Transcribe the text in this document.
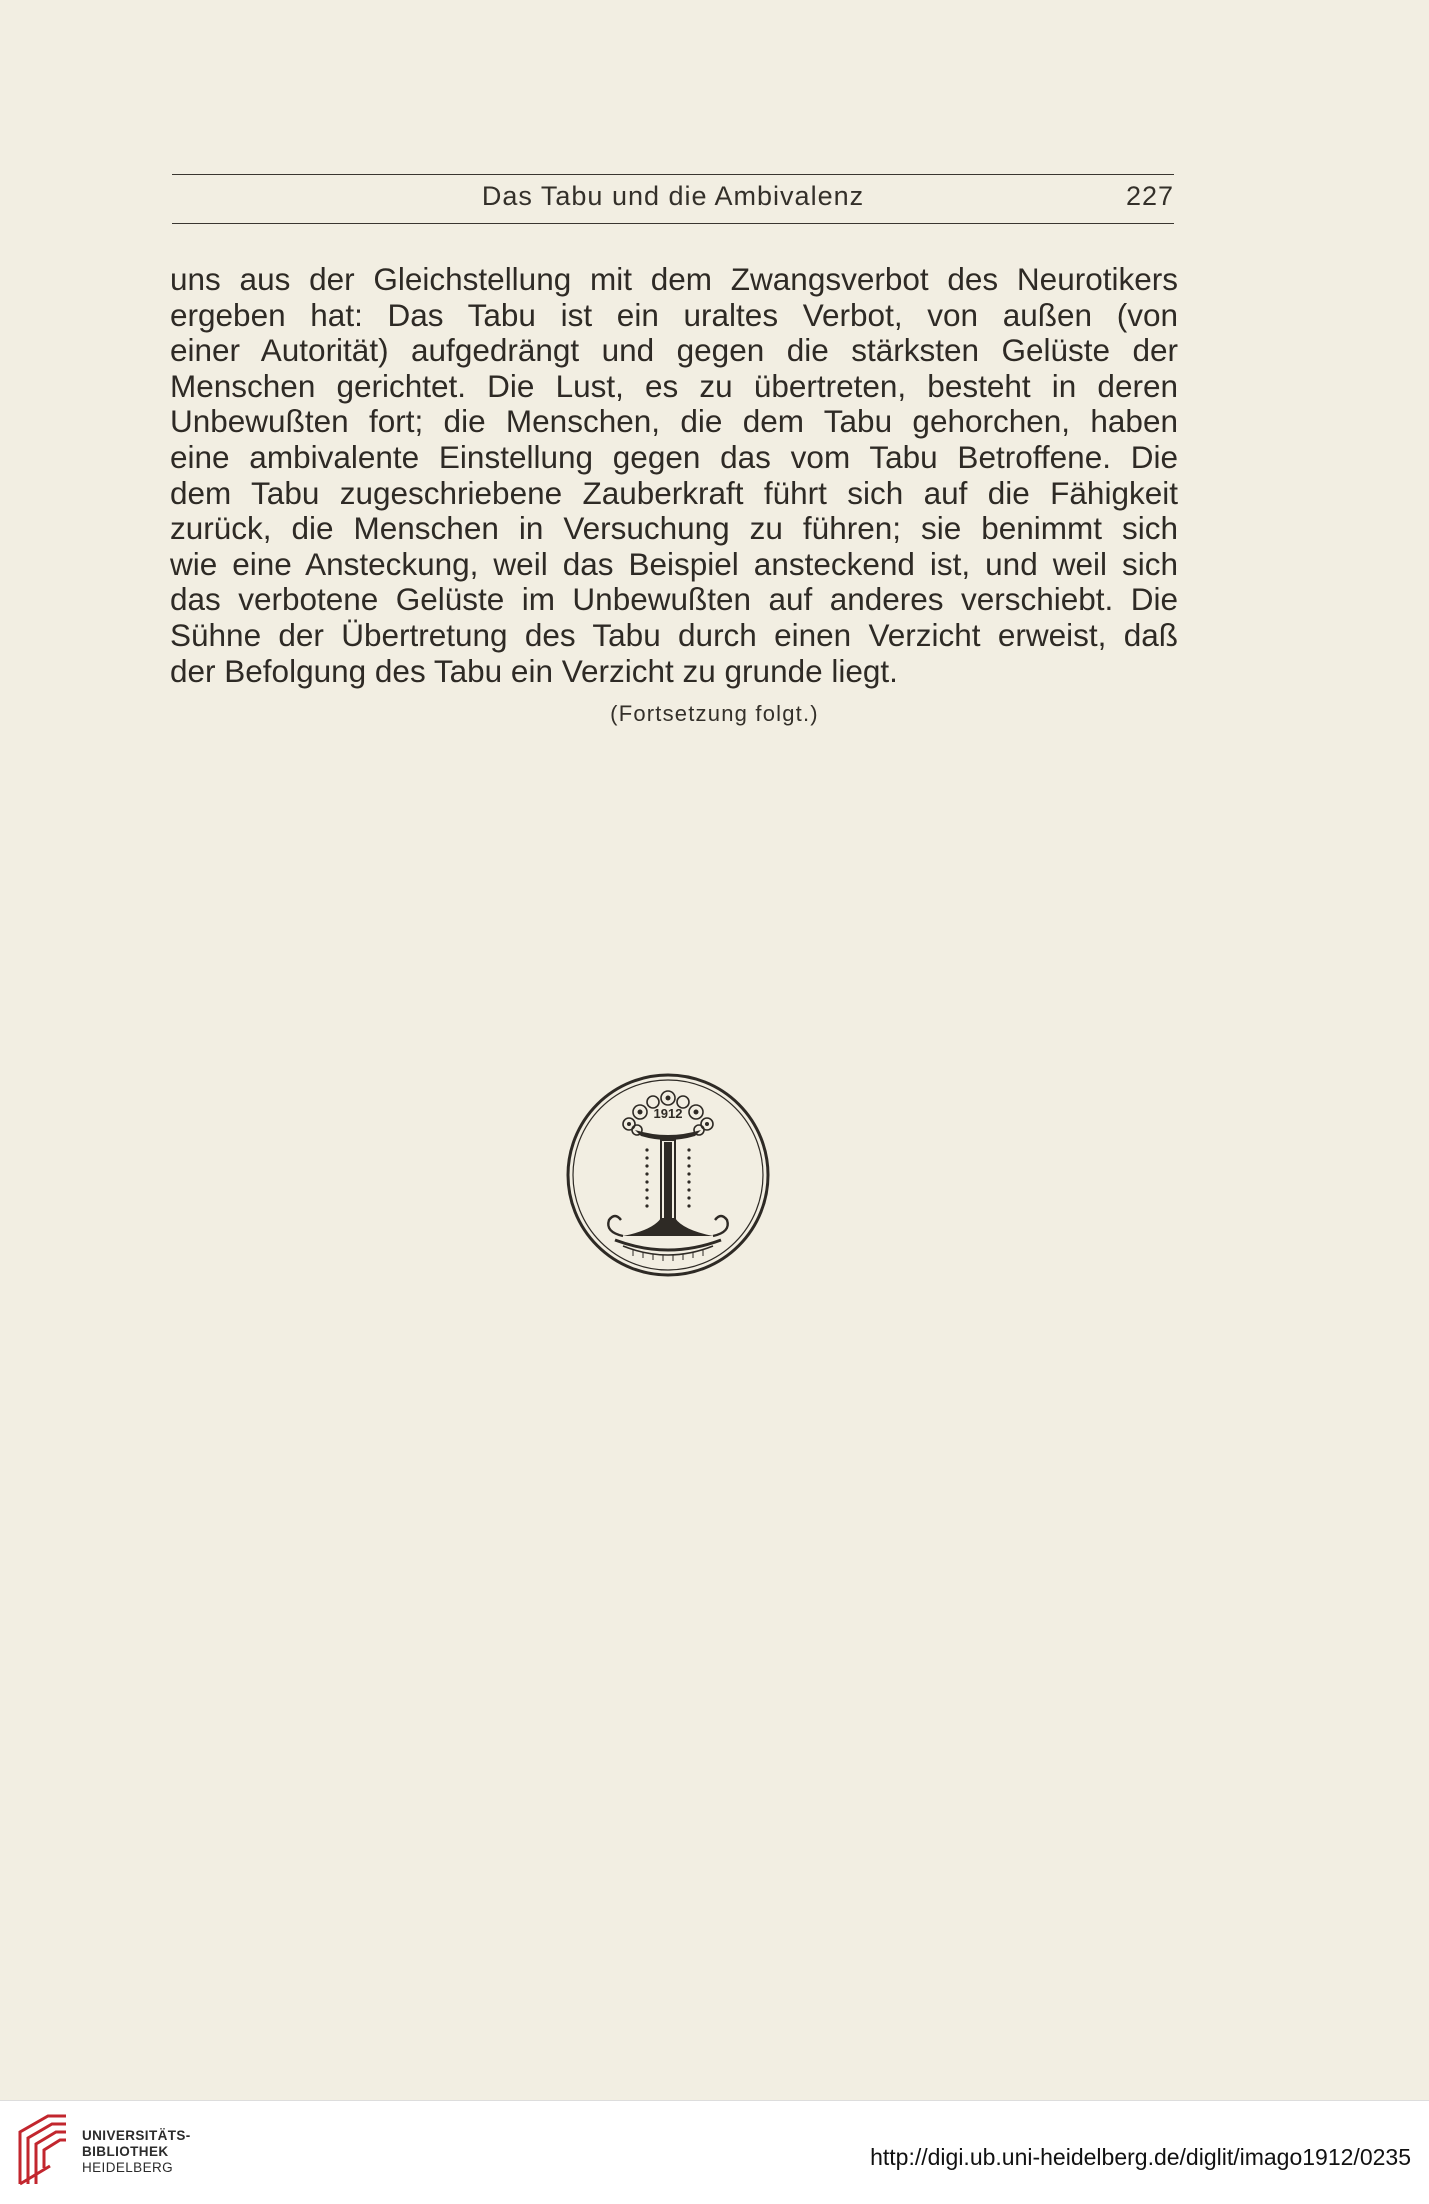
Das Tabu und die Ambivalenz	227
uns aus der Gleichstellung mit dem Zwangsverbot des Neurotikers
ergeben hat: Das Tabu ist ein uraltes Verbot, von außen (von
einer Autorität) aufgedrängt und gegen die stärksten Gelüste der
Menschen gerichtet. Die Lust, es zu übertreten, besteht in deren
Unbewußten fort; die Menschen, die dem Tabu gehorchen, haben
eine ambivalente Einstellung gegen das vom Tabu Betroffene. Die
dem Tabu zugeschriebene Zauberkraft führt sich auf die Fähigkeit
zurück, die Menschen in Versuchung zu führen; sie benimmt sich
wie eine Ansteckung, weil das Beispiel ansteckend ist, und weil sich
das verbotene Gelüste im Unbewußten auf anderes verschiebt. Die
Sühne der Übertretung des Tabu durch einen Verzicht erweist, daß
der Befolgung des Tabu ein Verzicht zu grunde liegt.
(Fortsetzung folgt.)
1912
UNIVERSITÄTS-
BIBLIOTHEK
HEIDELBERG	http://digi.ub.uni-heidelberg.de/diglit/imago1912/0235
